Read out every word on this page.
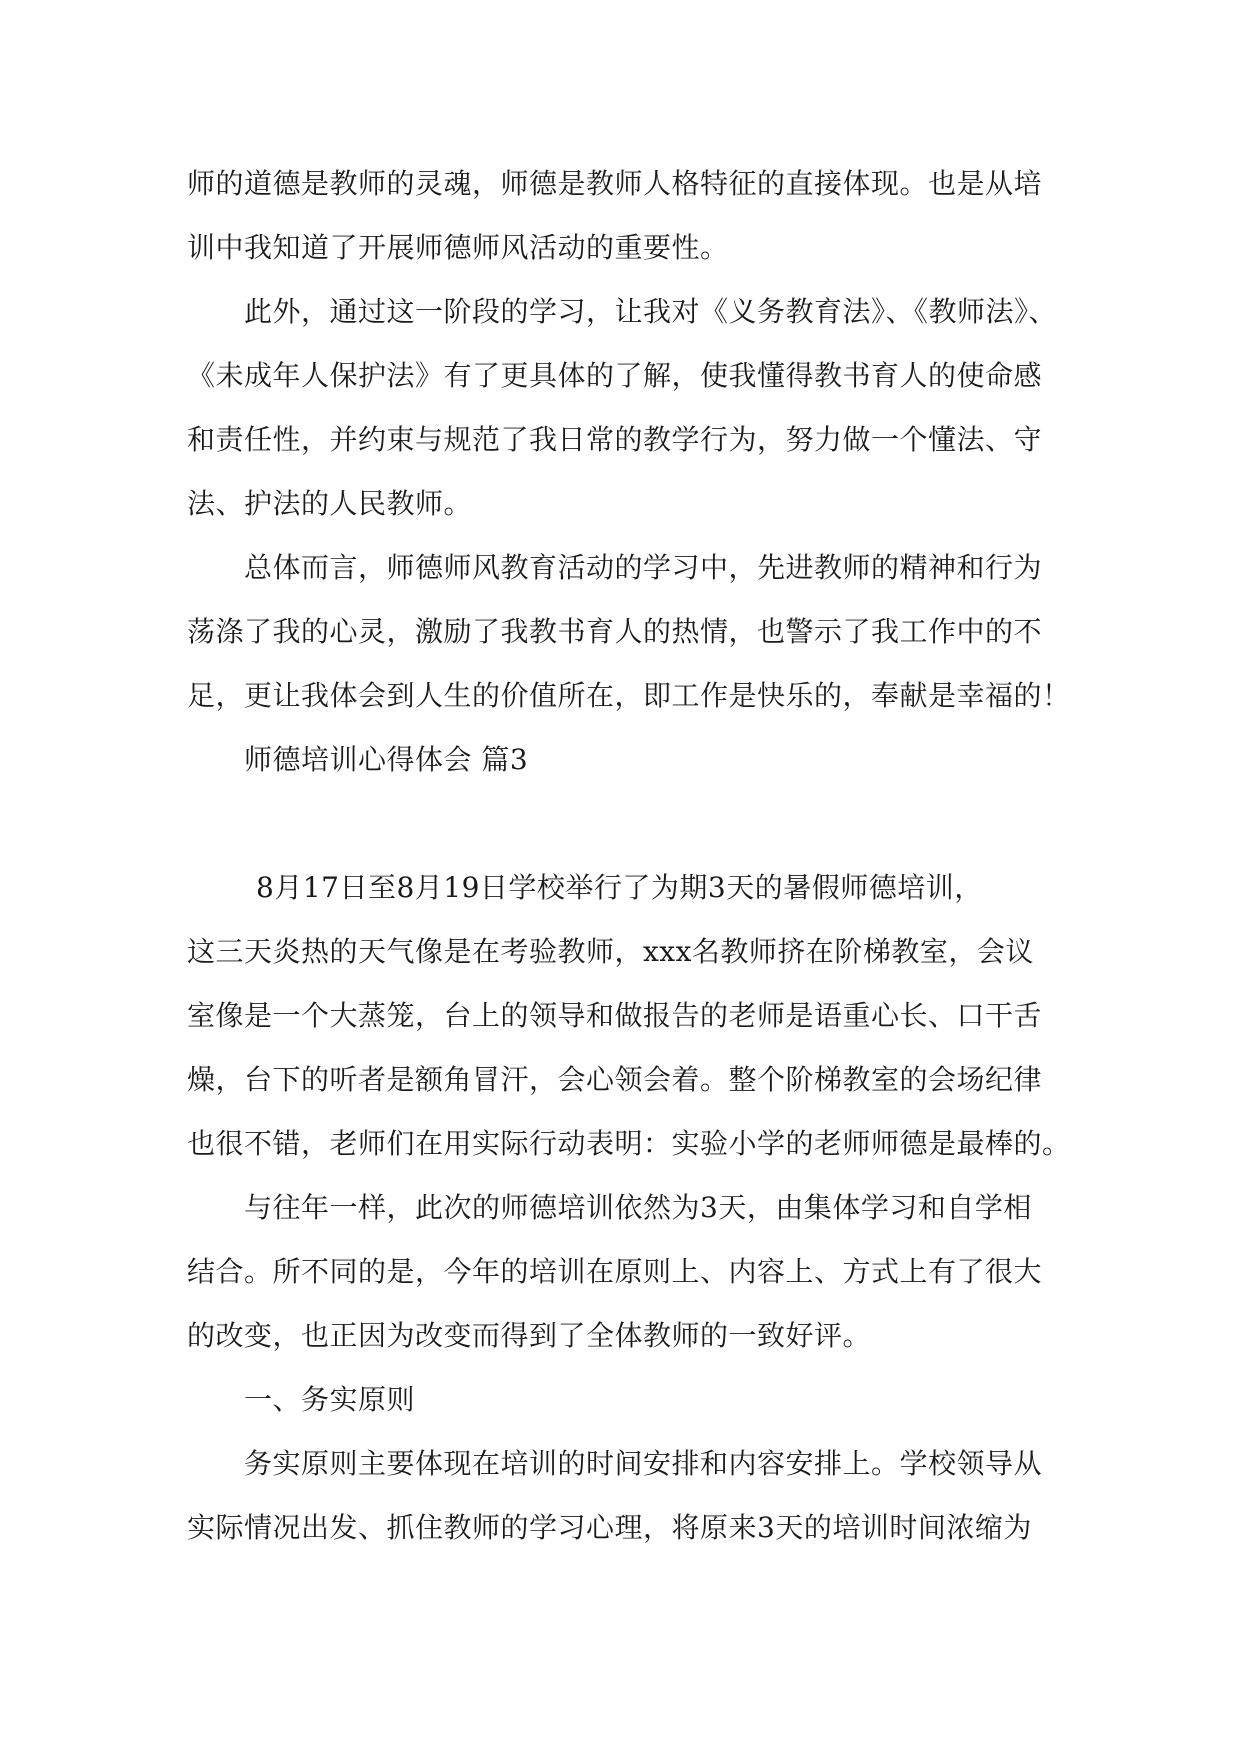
师的道德是教师的灵魂，师德是教师人格特征的直接体现。也是从培
训中我知道了开展师德师风活动的重要性。
此外，通过这一阶段的学习，让我对《义务教育法》、《教师法》、
《未成年人保护法》有了更具体的了解，使我懂得教书育人的使命感
和责任性，并约束与规范了我日常的教学行为，努力做一个懂法、守
法、护法的人民教师。
总体而言，师德师风教育活动的学习中，先进教师的精神和行为
荡涤了我的心灵，激励了我教书育人的热情，也警示了我工作中的不
足，更让我体会到人生的价值所在，即工作是快乐的，奉献是幸福的！
师德培训心得体会 篇3
8月17日至8月19日学校举行了为期3天的暑假师德培训，
这三天炎热的天气像是在考验教师，xxx名教师挤在阶梯教室，会议
室像是一个大蒸笼，台上的领导和做报告的老师是语重心长、口干舌
燥，台下的听者是额角冒汗，会心领会着。整个阶梯教室的会场纪律
也很不错，老师们在用实际行动表明：实验小学的老师师德是最棒的。
与往年一样，此次的师德培训依然为3天，由集体学习和自学相
结合。所不同的是，今年的培训在原则上、内容上、方式上有了很大
的改变，也正因为改变而得到了全体教师的一致好评。
一、务实原则
务实原则主要体现在培训的时间安排和内容安排上。学校领导从
实际情况出发、抓住教师的学习心理，将原来3天的培训时间浓缩为
